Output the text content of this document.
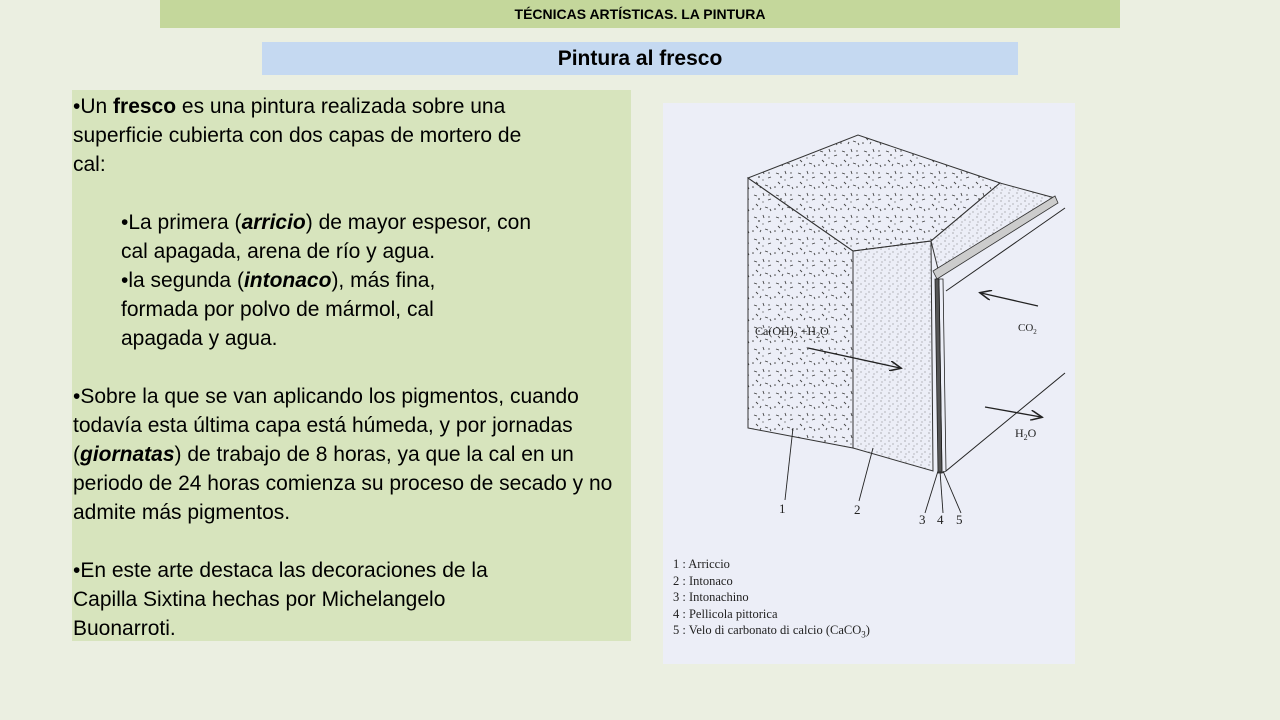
TÉCNICAS ARTÍSTICAS. LA PINTURA
Pintura al fresco

•Un fresco es una pintura realizada sobre una superficie cubierta con dos capas de mortero de cal:

•La primera (arricio) de mayor espesor, con cal apagada, arena de río y agua.

•la segunda (intonaco), más fina, formada por polvo de mármol, cal apagada y agua.

•Sobre la que se van aplicando los pigmentos, cuando todavía esta última capa está húmeda, y por jornadas (giornatas) de trabajo de 8 horas, ya que la cal en un periodo de 24 horas comienza su proceso de secado y no admite más pigmentos.

•En este arte destaca las decoraciones de la Capilla Sixtina hechas por Michelangelo Buonarroti.

$Ca(OH)_2 +H_2O$	$CO_2$
$H_2O$
1	2
3 4 5
1 : Arriccio
2 : Intonaco
3 : Intonachino
4 : Pellicola pittorica
5 : Velo di carbonato di calcio (CaCO$_3$)
